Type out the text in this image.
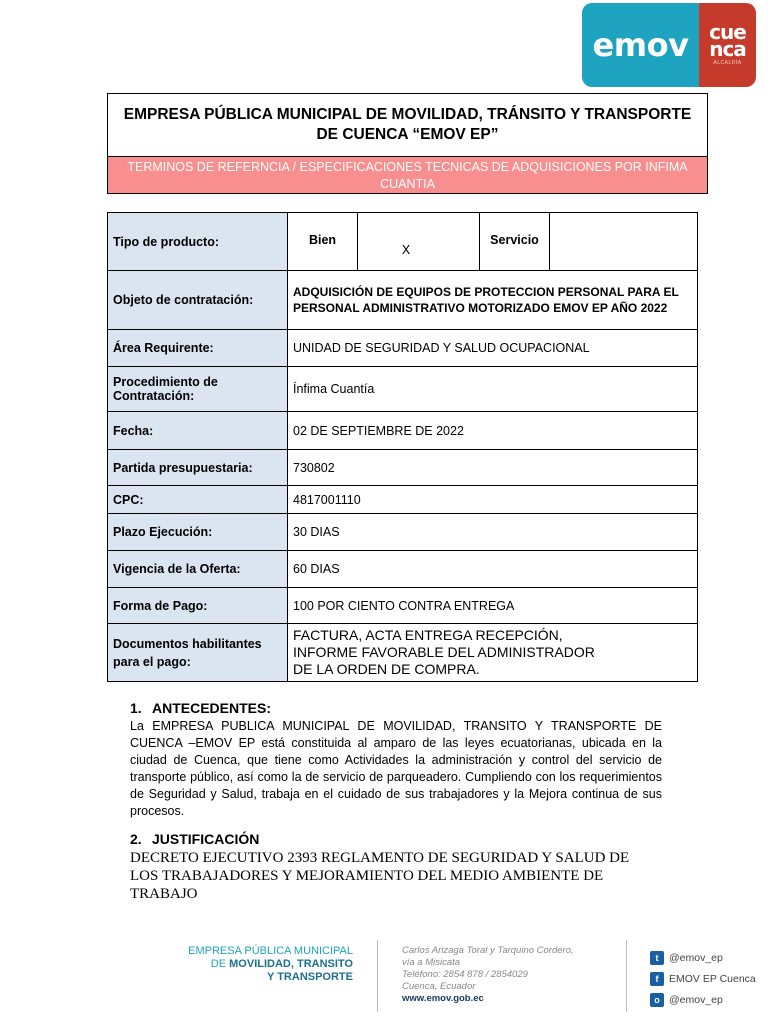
emov	cuenca
ALCALDÍA
EMPRESA PÚBLICA MUNICIPAL DE MOVILIDAD, TRÁNSITO Y TRANSPORTE DE CUENCA “EMOV EP”
TERMINOS DE REFERNCIA / ESPECIFICACIONES TECNICAS DE ADQUISICIONES POR INFIMA CUANTIA
Tipo de producto:	Bien	X	Servicio	
Objeto de contratación:	ADQUISICIÓN DE EQUIPOS DE PROTECCION PERSONAL PARA EL PERSONAL ADMINISTRATIVO MOTORIZADO EMOV EP AÑO 2022			
Área Requirente:	UNIDAD DE SEGURIDAD Y SALUD OCUPACIONAL			
Procedimiento de Contratación:	Ínfima Cuantía			
Fecha:	02 DE SEPTIEMBRE DE 2022			
Partida presupuestaria:	730802			
CPC:	4817001110			
Plazo Ejecución:	30 DIAS			
Vigencia de la Oferta:	60 DIAS			
Forma de Pago:	100 POR CIENTO CONTRA ENTREGA			
Documentos habilitantes para el pago:	FACTURA, ACTA ENTREGA RECEPCIÓN, INFORME FAVORABLE DEL ADMINISTRADOR DE LA ORDEN DE COMPRA.			
1. ANTECEDENTES:
La EMPRESA PUBLICA MUNICIPAL DE MOVILIDAD, TRANSITO Y TRANSPORTE DE CUENCA –EMOV EP está constituida al amparo de las leyes ecuatorianas, ubicada en la ciudad de Cuenca, que tiene como Actividades la administración y control del servicio de transporte público, así como la de servicio de parqueadero. Cumpliendo con los requerimientos de Seguridad y Salud, trabaja en el cuidado de sus trabajadores y la Mejora continua de sus procesos.
2. JUSTIFICACIÓN
DECRETO EJECUTIVO 2393 REGLAMENTO DE SEGURIDAD Y SALUD DE LOS TRABAJADORES Y MEJORAMIENTO DEL MEDIO AMBIENTE DE TRABAJO
EMPRESA PÚBLICA MUNICIPAL
DE MOVILIDAD, TRANSITO
Y TRANSPORTE
Carlos Arizaga Toral y Tarquino Cordero,
vía a Misicata
Teléfono: 2854 878 / 2854029
Cuenca, Ecuador
www.emov.gob.ec
t	@emov_ep
f	EMOV EP Cuenca
o @emov_ep
